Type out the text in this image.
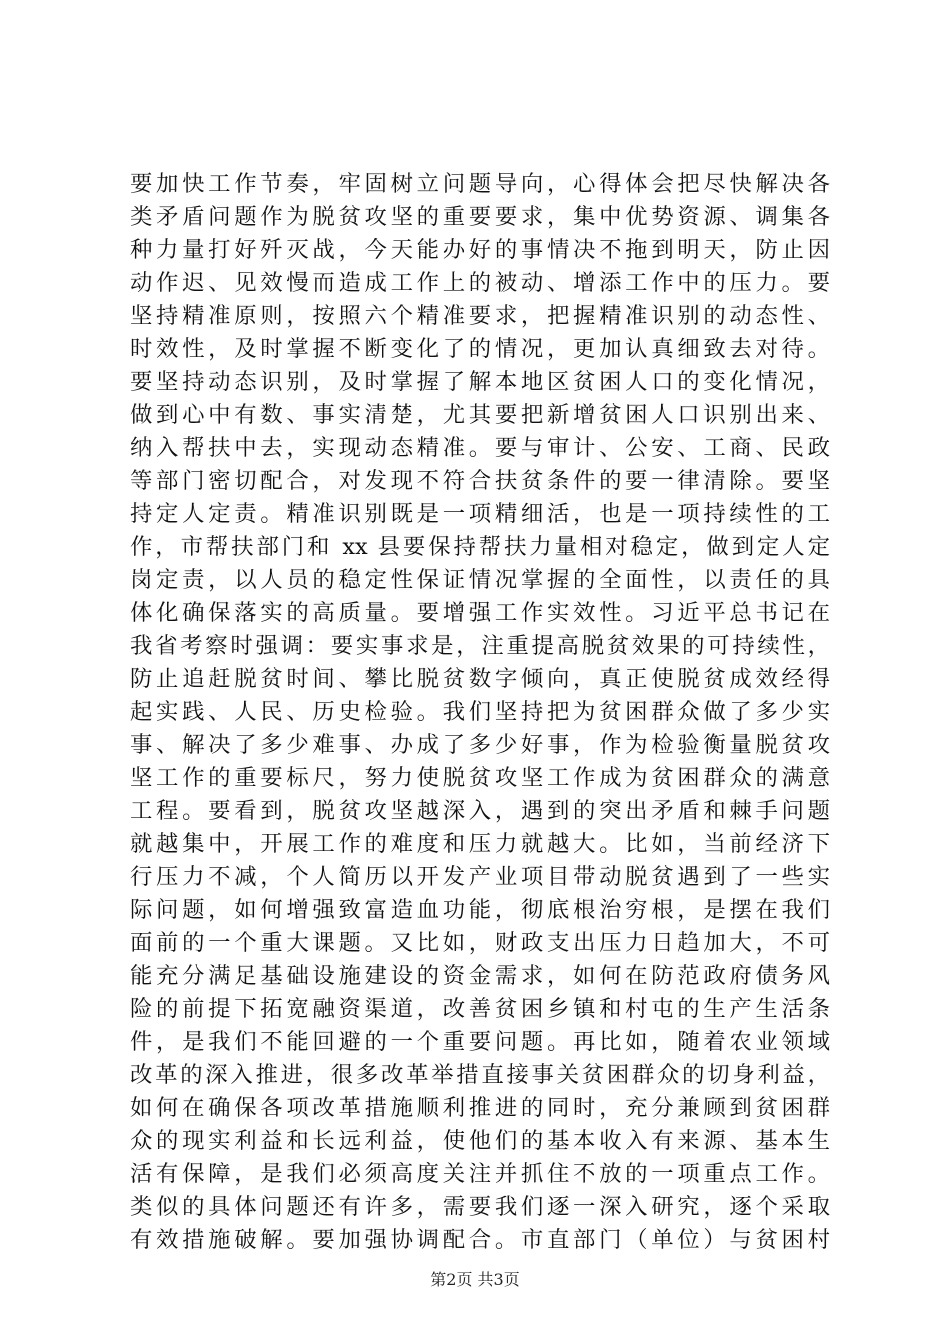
要加快工作节奏，牢固树立问题导向，心得体会把尽快解决各
类矛盾问题作为脱贫攻坚的重要要求，集中优势资源、调集各
种力量打好歼灭战，今天能办好的事情决不拖到明天，防止因
动作迟、见效慢而造成工作上的被动、增添工作中的压力。要
坚持精准原则，按照六个精准要求，把握精准识别的动态性、
时效性，及时掌握不断变化了的情况，更加认真细致去对待。
要坚持动态识别，及时掌握了解本地区贫困人口的变化情况，
做到心中有数、事实清楚，尤其要把新增贫困人口识别出来、
纳入帮扶中去，实现动态精准。要与审计、公安、工商、民政
等部门密切配合，对发现不符合扶贫条件的要一律清除。要坚
持定人定责。精准识别既是一项精细活，也是一项持续性的工
作，市帮扶部门和 xx 县要保持帮扶力量相对稳定，做到定人定
岗定责，以人员的稳定性保证情况掌握的全面性，以责任的具
体化确保落实的高质量。要增强工作实效性。习近平总书记在
我省考察时强调：要实事求是，注重提高脱贫效果的可持续性，
防止追赶脱贫时间、攀比脱贫数字倾向，真正使脱贫成效经得
起实践、人民、历史检验。我们坚持把为贫困群众做了多少实
事、解决了多少难事、办成了多少好事，作为检验衡量脱贫攻
坚工作的重要标尺，努力使脱贫攻坚工作成为贫困群众的满意
工程。要看到，脱贫攻坚越深入，遇到的突出矛盾和棘手问题
就越集中，开展工作的难度和压力就越大。比如，当前经济下
行压力不减，个人简历以开发产业项目带动脱贫遇到了一些实
际问题，如何增强致富造血功能，彻底根治穷根，是摆在我们
面前的一个重大课题。又比如，财政支出压力日趋加大，不可
能充分满足基础设施建设的资金需求，如何在防范政府债务风
险的前提下拓宽融资渠道，改善贫困乡镇和村屯的生产生活条
件，是我们不能回避的一个重要问题。再比如，随着农业领域
改革的深入推进，很多改革举措直接事关贫困群众的切身利益，
如何在确保各项改革措施顺利推进的同时，充分兼顾到贫困群
众的现实利益和长远利益，使他们的基本收入有来源、基本生
活有保障，是我们必须高度关注并抓住不放的一项重点工作。
类似的具体问题还有许多，需要我们逐一深入研究，逐个采取
有效措施破解。要加强协调配合。市直部门（单位）与贫困村
第2页 共3页
